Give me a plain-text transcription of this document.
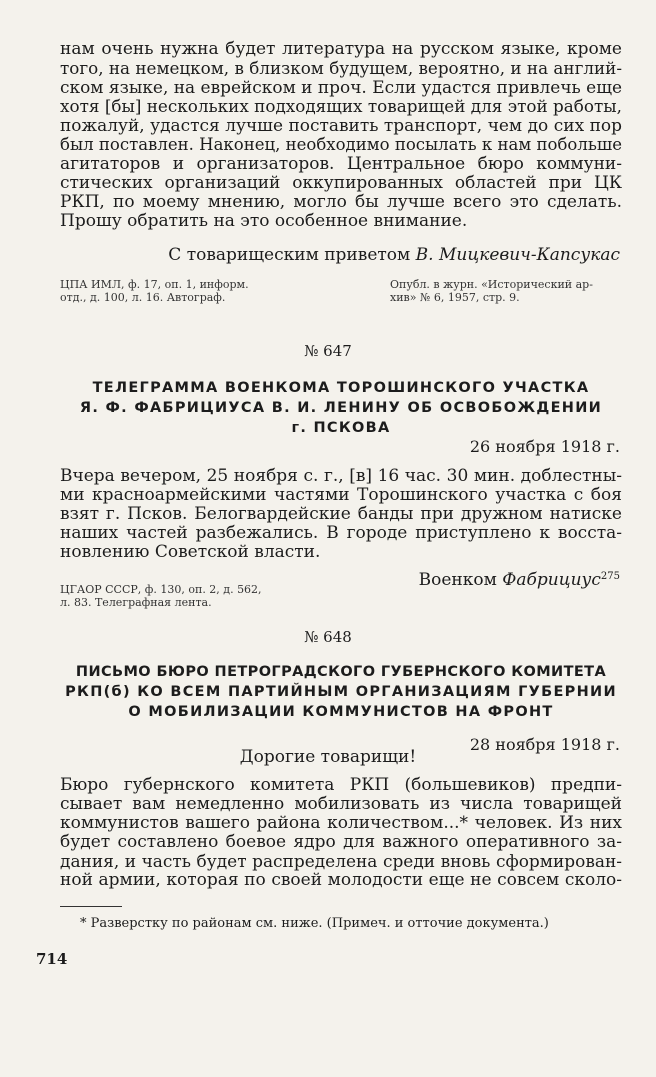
нам очень нужна будет литература на русском языке, кроме
того, на немецком, в близком будущем, вероятно, и на англий-
ском языке, на еврейском и проч. Если удастся привлечь еще
хотя [бы] нескольких подходящих товарищей для этой работы,
пожалуй, удастся лучше поставить транспорт, чем до сих пор
был поставлен. Наконец, необходимо посылать к нам побольше
агитаторов и организаторов. Центральное бюро коммуни-
стических организаций оккупированных областей при ЦК
РКП, по моему мнению, могло бы лучше всего это сделать.
Прошу обратить на это особенное внимание.
С товарищеским приветом В. Мицкевич-Капсукас
ЦПА ИМЛ, ф. 17, оп. 1, информ.
отд., д. 100, л. 16. Автограф.
Опубл. в журн. «Исторический ар-
хив» № 6, 1957, стр. 9.
№ 647
ТЕЛЕГРАММА ВОЕНКОМА ТОРОШИНСКОГО УЧАСТКА
Я. Ф. ФАБРИЦИУСА В. И. ЛЕНИНУ ОБ ОСВОБОЖДЕНИИ
г. ПСКОВА
26 ноября 1918 г.
Вчера вечером, 25 ноября с. г., [в] 16 час. 30 мин. доблестны-
ми красноармейскими частями Торошинского участка с боя
взят г. Псков. Белогвардейские банды при дружном натиске
наших частей разбежались. В городе приступлено к восста-
новлению Советской власти.
Военком Фабрициус$^{275}$
ЦГАОР СССР, ф. 130, оп. 2, д. 562,
л. 83. Телеграфная лента.
№ 648
ПИСЬМО БЮРО ПЕТРОГРАДСКОГО ГУБЕРНСКОГО КОМИТЕТА
РКП(б) КО ВСЕМ ПАРТИЙНЫМ ОРГАНИЗАЦИЯМ ГУБЕРНИИ
О МОБИЛИЗАЦИИ КОММУНИСТОВ НА ФРОНТ
28 ноября 1918 г.
Дорогие товарищи!
Бюро губернского комитета РКП (большевиков) предпи-
сывает вам немедленно мобилизовать из числа товарищей
коммунистов вашего района количеством...* человек. Из них
будет составлено боевое ядро для важного оперативного за-
дания, и часть будет распределена среди вновь сформирован-
ной армии, которая по своей молодости еще не совсем сколо-
* Разверстку по районам см. ниже. (Примеч. и отточие документа.)
714
